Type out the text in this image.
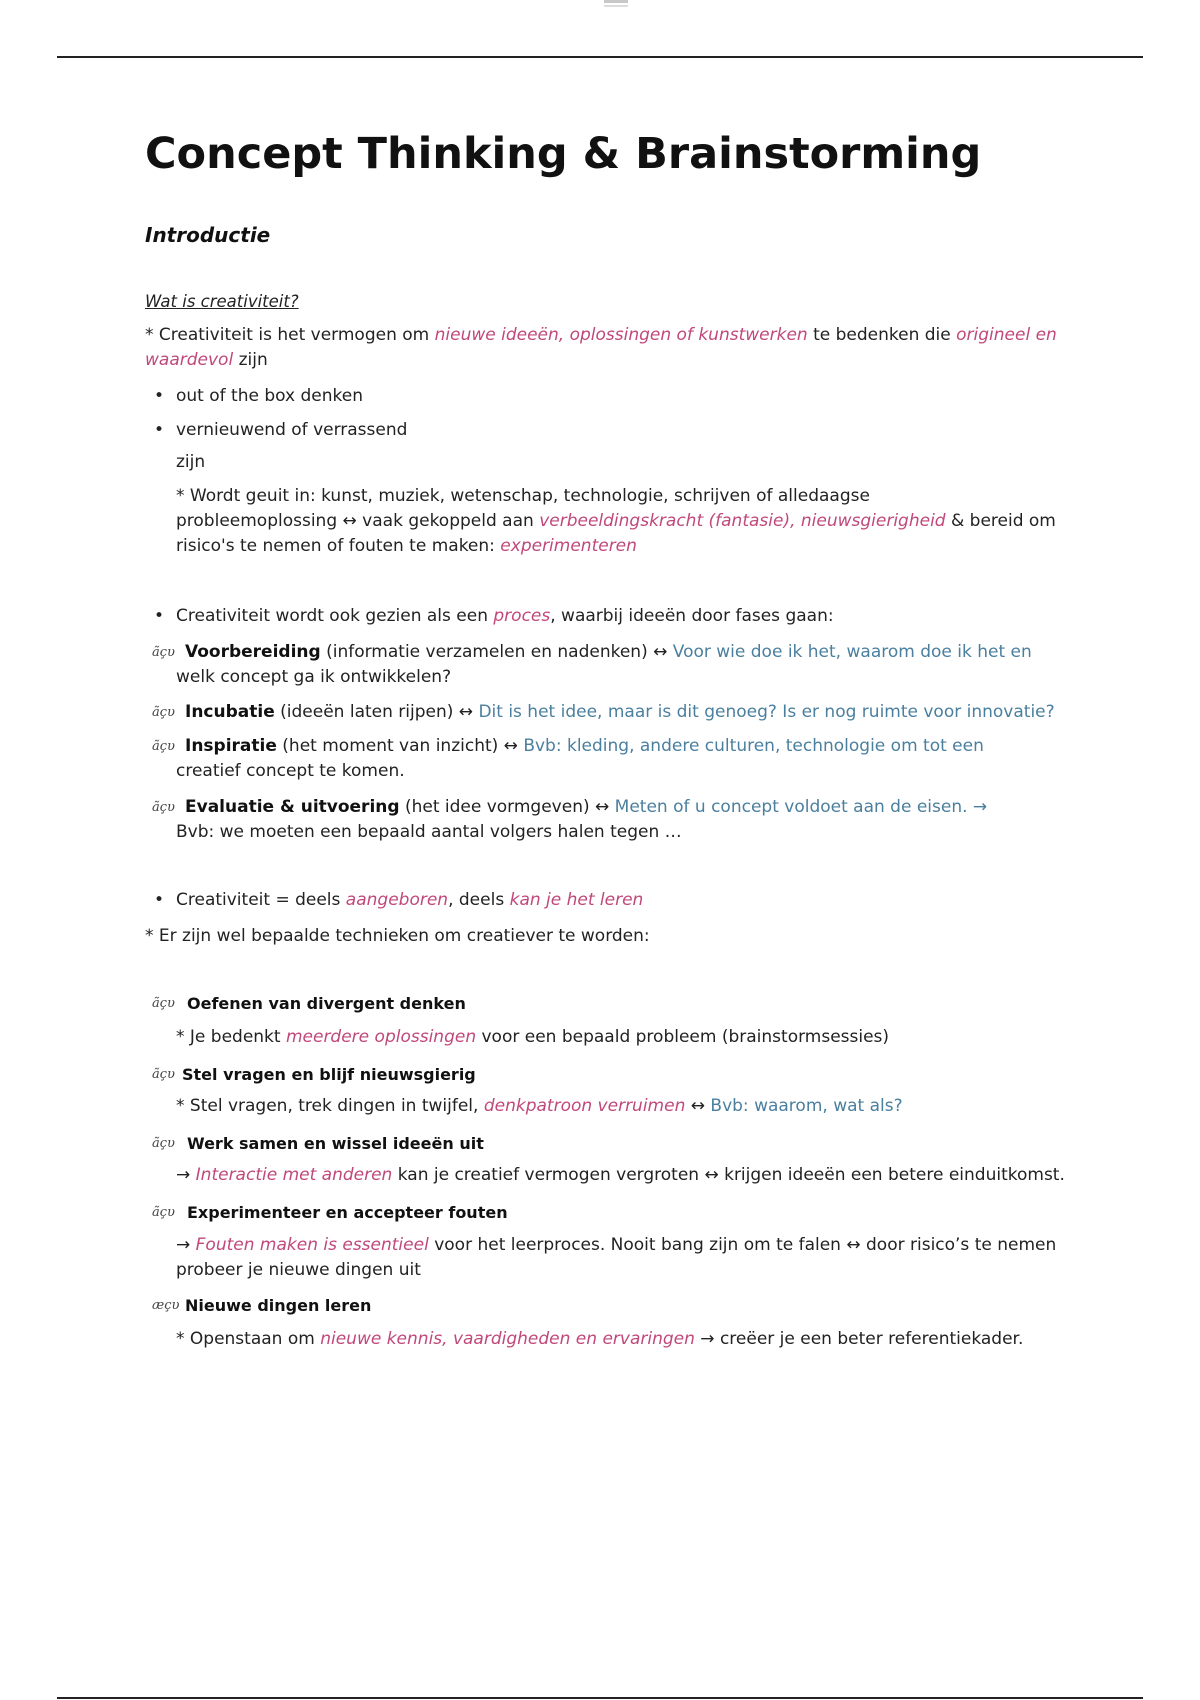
Concept Thinking & Brainstorming
Introductie
Wat is creativiteit?
* Creativiteit is het vermogen om nieuwe ideeën, oplossingen of kunstwerken te bedenken die origineel en
waardevol zijn
• out of the box denken
• vernieuwend of verrassend
zijn
* Wordt geuit in: kunst, muziek, wetenschap, technologie, schrijven of alledaagse
probleemoplossing ↔ vaak gekoppeld aan verbeeldingskracht (fantasie), nieuwsgierigheid & bereid om
risico's te nemen of fouten te maken: experimenteren
• Creativiteit wordt ook gezien als een proces, waarbij ideeën door fases gaan:
ãçυ Voorbereiding (informatie verzamelen en nadenken) ↔ Voor wie doe ik het, waarom doe ik het en
welk concept ga ik ontwikkelen?
ãçυ Incubatie (ideeën laten rijpen) ↔ Dit is het idee, maar is dit genoeg? Is er nog ruimte voor innovatie?
ãçυ Inspiratie (het moment van inzicht) ↔ Bvb: kleding, andere culturen, technologie om tot een
creatief concept te komen.
ãçυ Evaluatie & uitvoering (het idee vormgeven) ↔ Meten of u concept voldoet aan de eisen. →
Bvb: we moeten een bepaald aantal volgers halen tegen …
• Creativiteit = deels aangeboren, deels kan je het leren
* Er zijn wel bepaalde technieken om creatiever te worden:
ãçυ Oefenen van divergent denken
* Je bedenkt meerdere oplossingen voor een bepaald probleem (brainstormsessies)
ãçυ Stel vragen en blijf nieuwsgierig
* Stel vragen, trek dingen in twijfel, denkpatroon verruimen ↔ Bvb: waarom, wat als?
ãçυ Werk samen en wissel ideeën uit
→ Interactie met anderen kan je creatief vermogen vergroten ↔ krijgen ideeën een betere einduitkomst.
ãçυ Experimenteer en accepteer fouten
→ Fouten maken is essentieel voor het leerproces. Nooit bang zijn om te falen ↔ door risico’s te nemen
probeer je nieuwe dingen uit
æçυ Nieuwe dingen leren
* Openstaan om nieuwe kennis, vaardigheden en ervaringen → creëer je een beter referentiekader.
